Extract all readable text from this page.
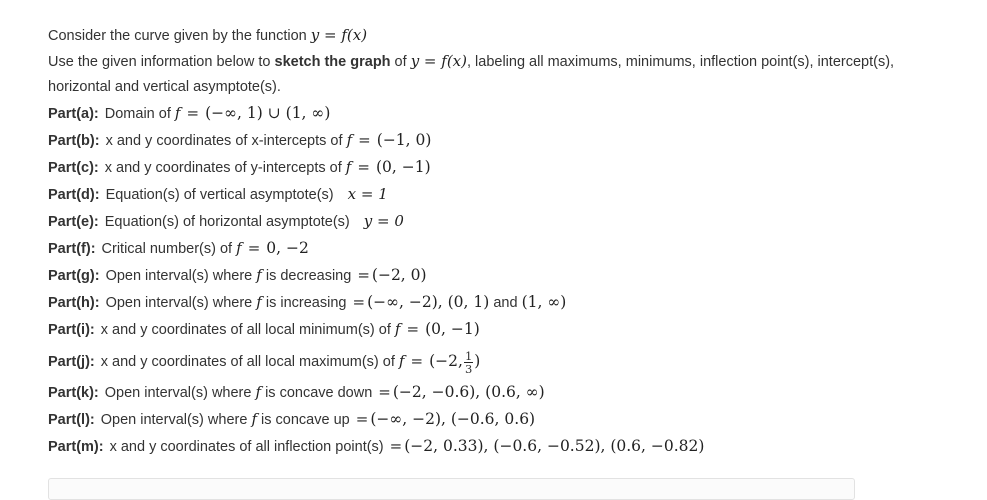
Consider the curve given by the function y = f(x)
Use the given information below to sketch the graph of y = f(x), labeling all maximums, minimums, inflection point(s), intercept(s),
horizontal and vertical asymptote(s).
Part(a): Domain of f = (−∞, 1) ∪ (1, ∞)
Part(b): x and y coordinates of x-intercepts of f = (−1, 0)
Part(c): x and y coordinates of y-intercepts of f = (0, −1)
Part(d): Equation(s) of vertical asymptote(s) x = 1
Part(e): Equation(s) of horizontal asymptote(s) y = 0
Part(f): Critical number(s) of f = 0, −2
Part(g): Open interval(s) where f is decreasing = (−2, 0)
Part(h): Open interval(s) where f is increasing = (−∞, −2), (0, 1) and (1, ∞)
Part(i): x and y coordinates of all local minimum(s) of f = (0, −1)
Part(j): x and y coordinates of all local maximum(s) of f = (−2, $\frac{1}{3}$ )
Part(k): Open interval(s) where f is concave down = (−2, −0.6), (0.6, ∞)
Part(l): Open interval(s) where f is concave up = (−∞, −2), (−0.6, 0.6)
Part(m): x and y coordinates of all inflection point(s) = (−2, 0.33), (−0.6, −0.52), (0.6, −0.82)
